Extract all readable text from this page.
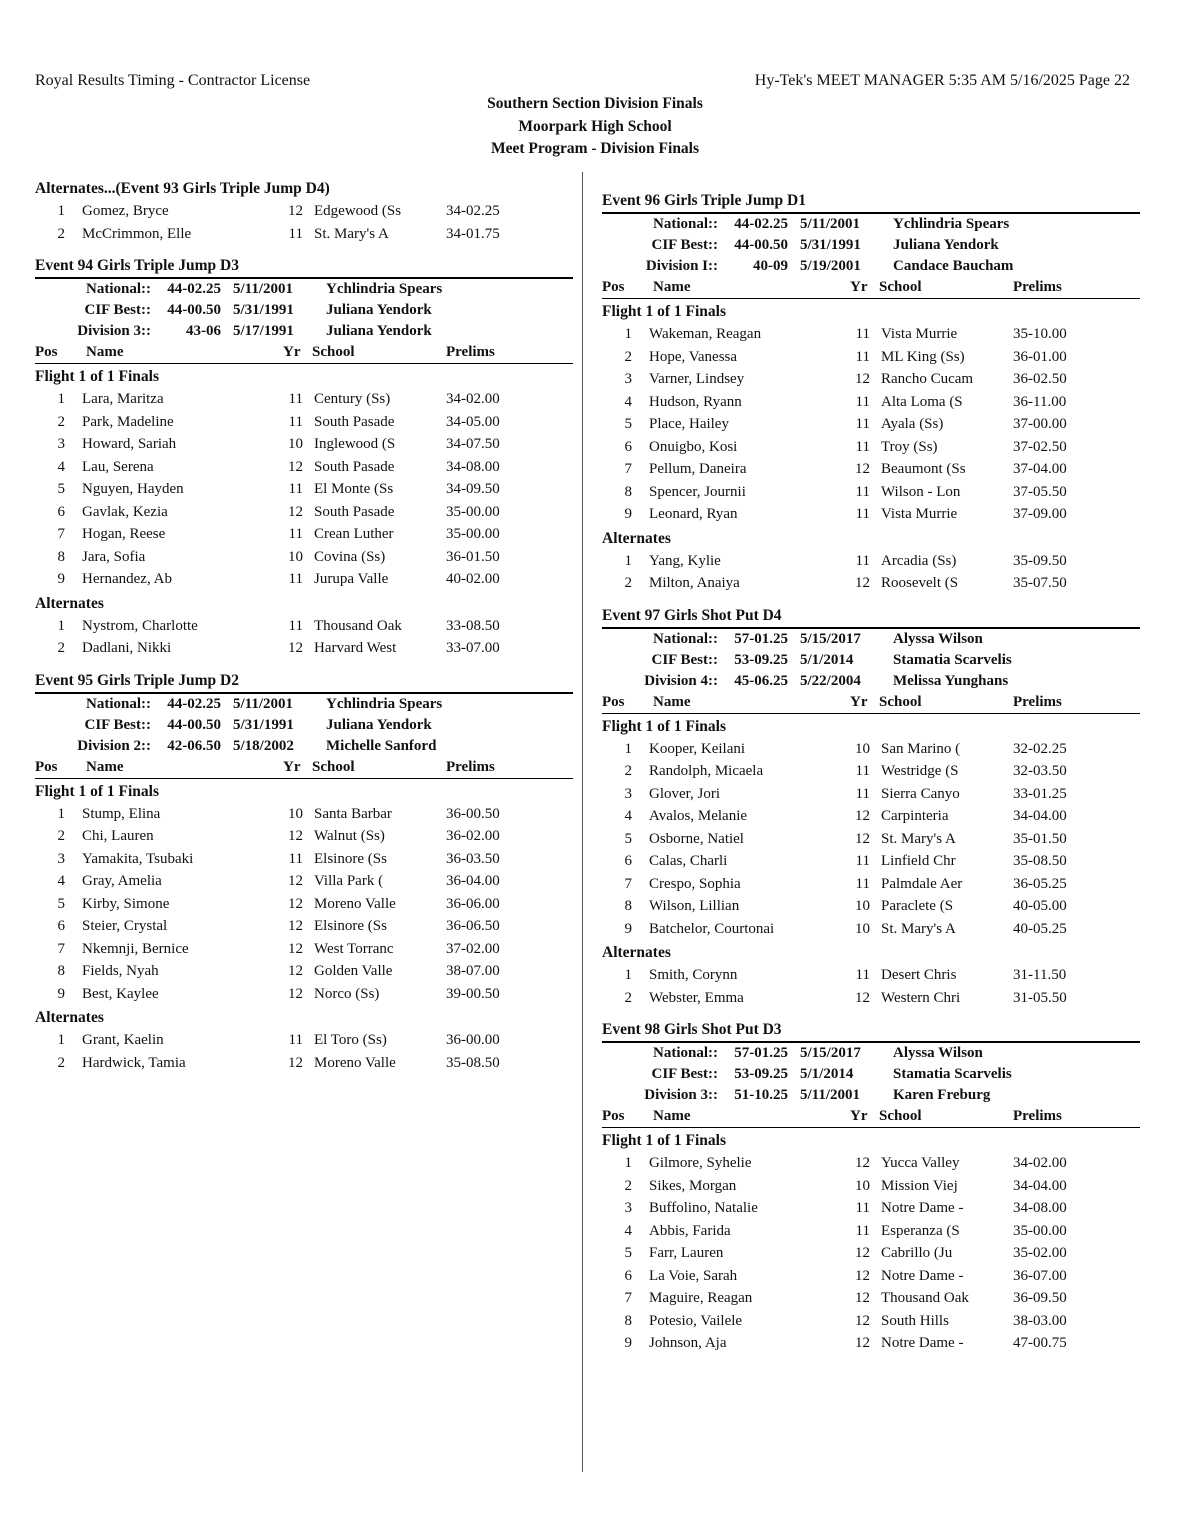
Royal Results Timing - Contractor License	Hy-Tek's MEET MANAGER 5:35 AM 5/16/2025 Page 22
Southern Section Division Finals
Moorpark High School
Meet Program - Division Finals
Alternates...(Event 93 Girls Triple Jump D4)
1 Gomez, Bryce	12 Edgewood (Ss	34-02.25
2 McCrimmon, Elle	11 St. Mary's A	34-01.75
Event 94 Girls Triple Jump D3
National:: 44-02.25 5/11/2001 Ychlindria Spears
CIF Best:: 44-00.50 5/31/1991 Juliana Yendork
Division 3::	43-06 5/17/1991 Juliana Yendork
Pos Name	Yr School	Prelims
Flight 1 of 1 Finals
1 Lara, Maritza	11 Century (Ss)	34-02.00
2 Park, Madeline	11 South Pasade	34-05.00
3 Howard, Sariah	10 Inglewood (S	34-07.50
4 Lau, Serena	12 South Pasade	34-08.00
5 Nguyen, Hayden	11 El Monte (Ss	34-09.50
6 Gavlak, Kezia	12 South Pasade	35-00.00
7 Hogan, Reese	11 Crean Luther	35-00.00
8 Jara, Sofia	10 Covina (Ss)	36-01.50
9 Hernandez, Ab	11 Jurupa Valle	40-02.00
Alternates
1 Nystrom, Charlotte	11 Thousand Oak	33-08.50
2 Dadlani, Nikki	12 Harvard West	33-07.00
Event 95 Girls Triple Jump D2
National:: 44-02.25 5/11/2001 Ychlindria Spears
CIF Best:: 44-00.50 5/31/1991 Juliana Yendork
Division 2:: 42-06.50 5/18/2002 Michelle Sanford
Pos Name	Yr School	Prelims
Flight 1 of 1 Finals
1 Stump, Elina	10 Santa Barbar	36-00.50
2 Chi, Lauren	12 Walnut (Ss)	36-02.00
3 Yamakita, Tsubaki	11 Elsinore (Ss	36-03.50
4 Gray, Amelia	12 Villa Park (	36-04.00
5 Kirby, Simone	12 Moreno Valle	36-06.00
6 Steier, Crystal	12 Elsinore (Ss	36-06.50
7 Nkemnji, Bernice	12 West Torranc	37-02.00
8 Fields, Nyah	12 Golden Valle	38-07.00
9 Best, Kaylee	12 Norco (Ss)	39-00.50
Alternates
1 Grant, Kaelin	11 El Toro (Ss)	36-00.00
2 Hardwick, Tamia	12 Moreno Valle	35-08.50
Event 96 Girls Triple Jump D1
National:: 44-02.25 5/11/2001 Ychlindria Spears
CIF Best:: 44-00.50 5/31/1991 Juliana Yendork
Division I::	40-09 5/19/2001 Candace Baucham
Pos Name	Yr School	Prelims
Flight 1 of 1 Finals
1 Wakeman, Reagan	11 Vista Murrie	35-10.00
2 Hope, Vanessa	11 ML King (Ss)	36-01.00
3 Varner, Lindsey	12 Rancho Cucam	36-02.50
4 Hudson, Ryann	11 Alta Loma (S	36-11.00
5 Place, Hailey	11 Ayala (Ss)	37-00.00
6 Onuigbo, Kosi	11 Troy (Ss)	37-02.50
7 Pellum, Daneira	12 Beaumont (Ss	37-04.00
8 Spencer, Journii	11 Wilson - Lon	37-05.50
9 Leonard, Ryan	11 Vista Murrie	37-09.00
Alternates
1 Yang, Kylie	11 Arcadia (Ss)	35-09.50
2 Milton, Anaiya	12 Roosevelt (S	35-07.50
Event 97 Girls Shot Put D4
National:: 57-01.25 5/15/2017 Alyssa Wilson
CIF Best:: 53-09.25 5/1/2014	Stamatia Scarvelis
Division 4:: 45-06.25 5/22/2004 Melissa Yunghans
Pos Name	Yr School	Prelims
Flight 1 of 1 Finals
1 Kooper, Keilani	10 San Marino (	32-02.25
2 Randolph, Micaela	11 Westridge (S	32-03.50
3 Glover, Jori	11 Sierra Canyo	33-01.25
4 Avalos, Melanie	12 Carpinteria	34-04.00
5 Osborne, Natiel	12 St. Mary's A	35-01.50
6 Calas, Charli	11 Linfield Chr	35-08.50
7 Crespo, Sophia	11 Palmdale Aer	36-05.25
8 Wilson, Lillian	10 Paraclete (S	40-05.00
9 Batchelor, Courtonai	10 St. Mary's A	40-05.25
Alternates
1 Smith, Corynn	11 Desert Chris	31-11.50
2 Webster, Emma	12 Western Chri	31-05.50
Event 98 Girls Shot Put D3
National:: 57-01.25 5/15/2017 Alyssa Wilson
CIF Best:: 53-09.25 5/1/2014	Stamatia Scarvelis
Division 3:: 51-10.25 5/11/2001 Karen Freburg
Pos Name	Yr School	Prelims
Flight 1 of 1 Finals
1 Gilmore, Syhelie	12 Yucca Valley	34-02.00
2 Sikes, Morgan	10 Mission Viej	34-04.00
3 Buffolino, Natalie	11 Notre Dame -	34-08.00
4 Abbis, Farida	11 Esperanza (S	35-00.00
5 Farr, Lauren	12 Cabrillo (Ju	35-02.00
6 La Voie, Sarah	12 Notre Dame -	36-07.00
7 Maguire, Reagan	12 Thousand Oak	36-09.50
8 Potesio, Vailele	12 South Hills	38-03.00
9 Johnson, Aja	12 Notre Dame -	47-00.75
